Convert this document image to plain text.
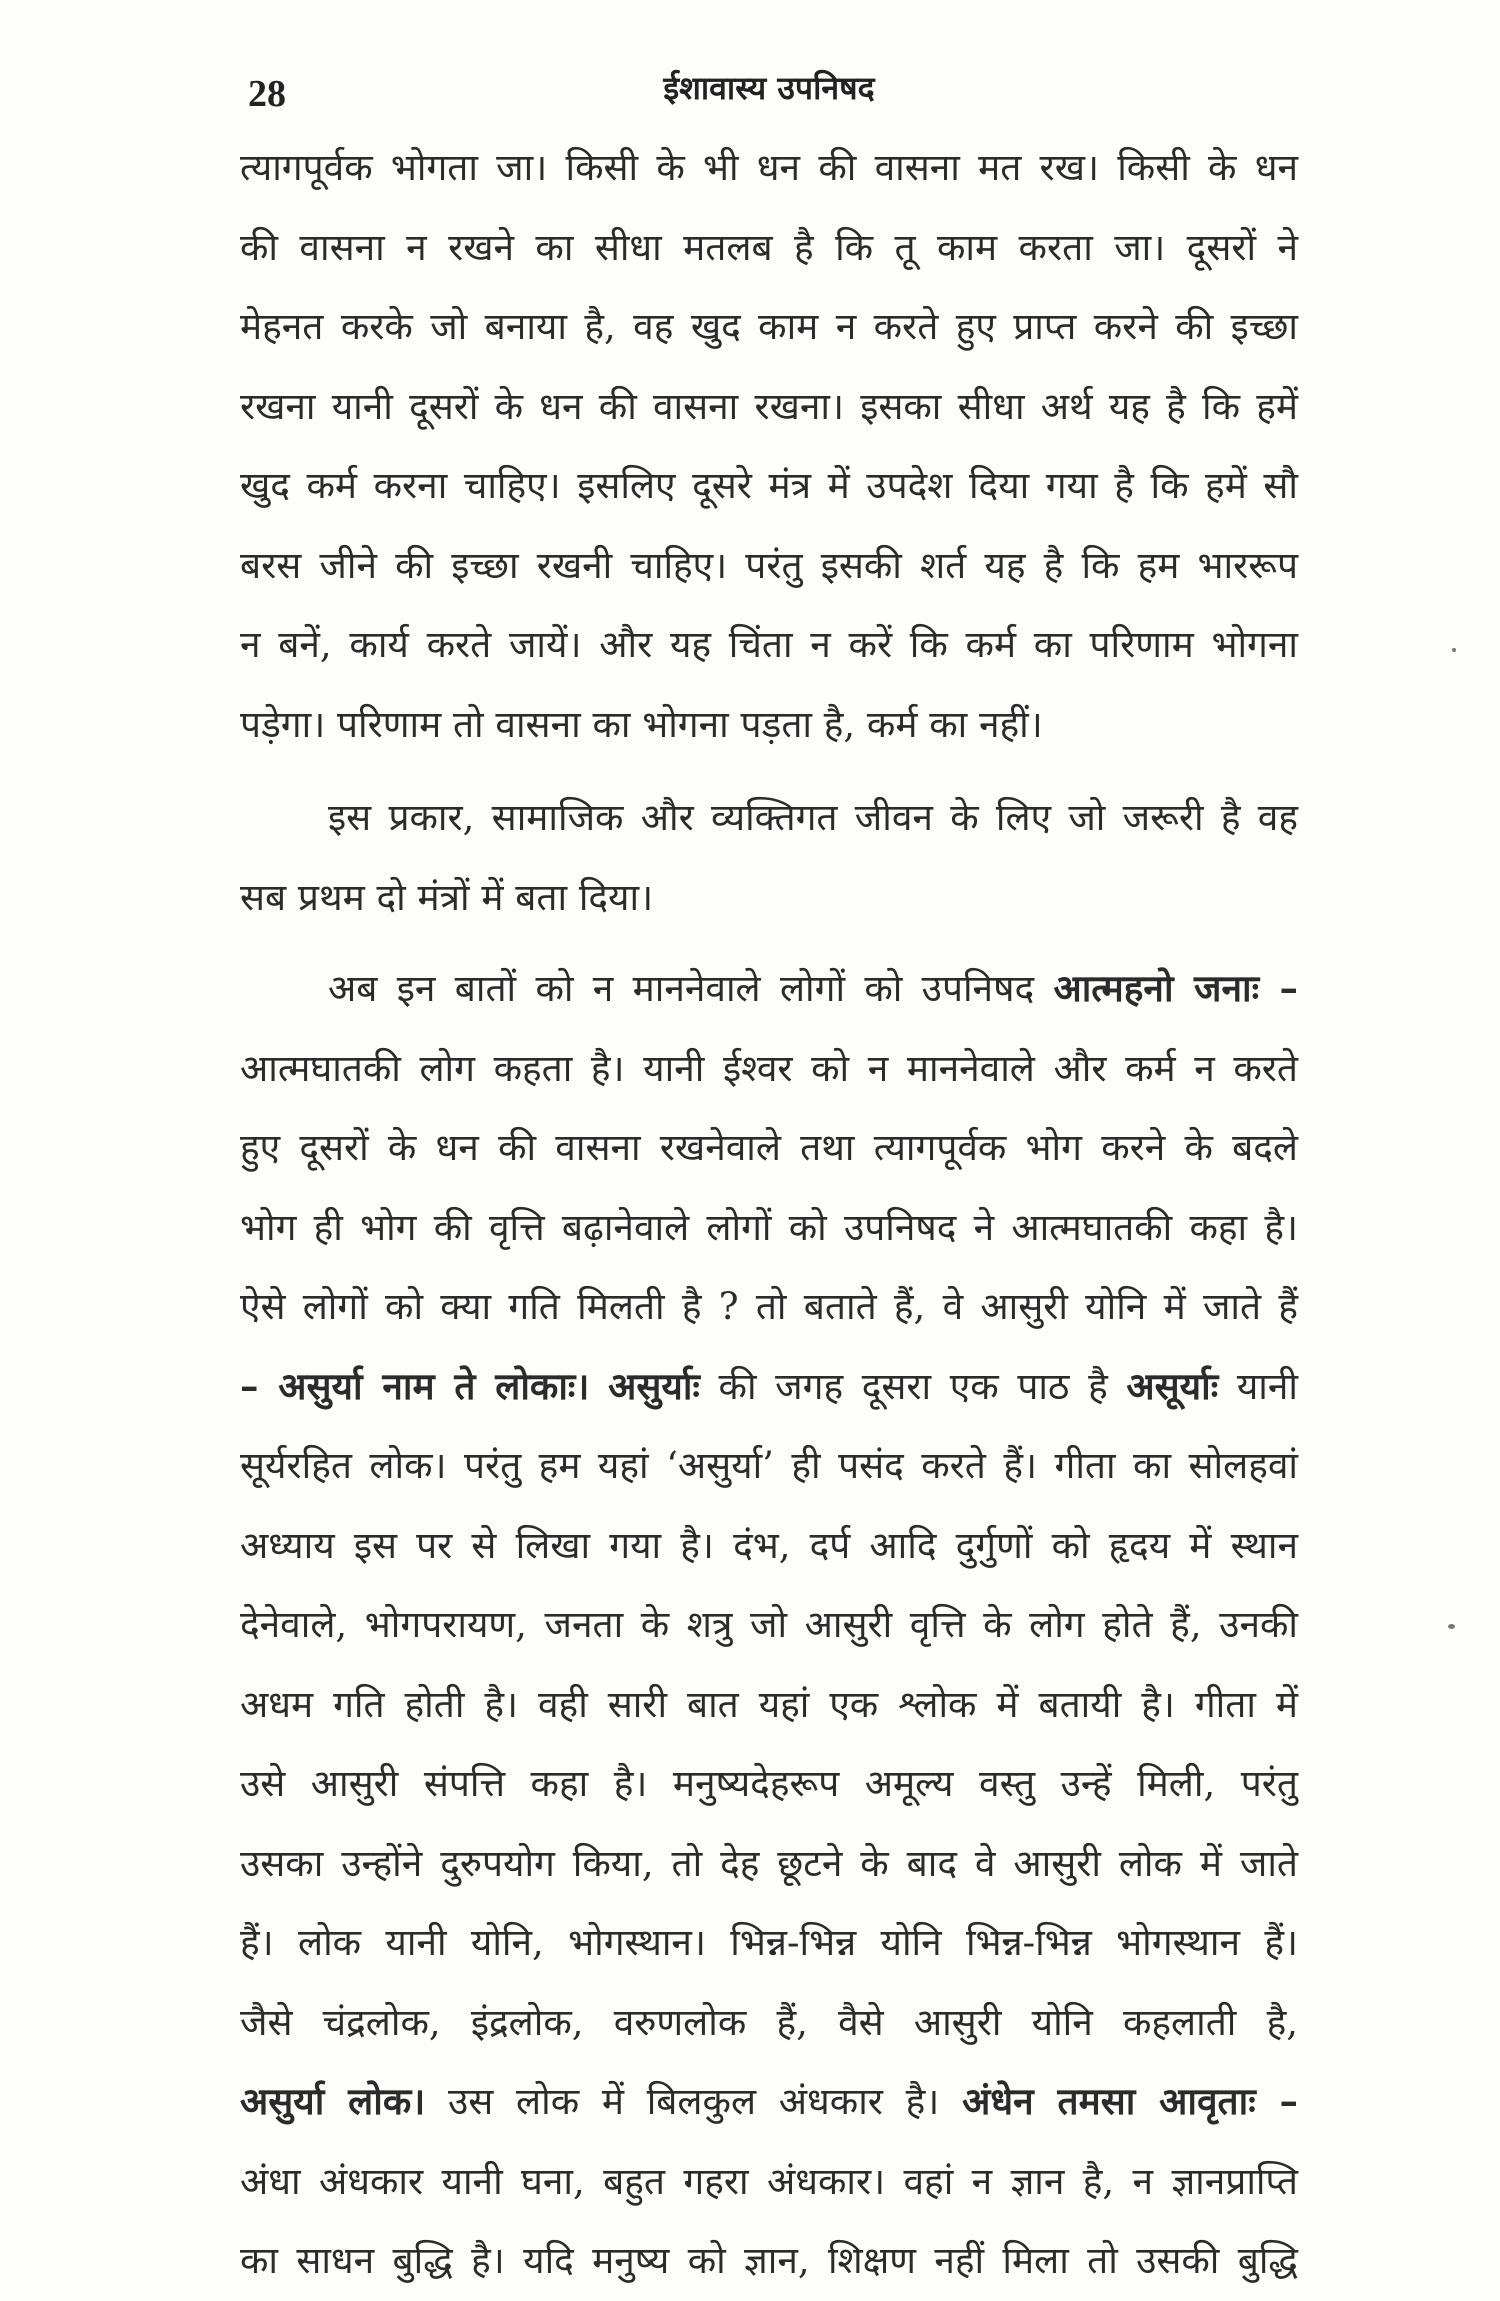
28	ईशावास्य उपनिषद
त्यागपूर्वक भोगता जा। किसी के भी धन की वासना मत रख। किसी के धन
की वासना न रखने का सीधा मतलब है कि तू काम करता जा। दूसरों ने
मेहनत करके जो बनाया है, वह खुद काम न करते हुए प्राप्त करने की इच्छा
रखना यानी दूसरों के धन की वासना रखना। इसका सीधा अर्थ यह है कि हमें
खुद कर्म करना चाहिए। इसलिए दूसरे मंत्र में उपदेश दिया गया है कि हमें सौ
बरस जीने की इच्छा रखनी चाहिए। परंतु इसकी शर्त यह है कि हम भाररूप
न बनें, कार्य करते जायें। और यह चिंता न करें कि कर्म का परिणाम भोगना
पड़ेगा। परिणाम तो वासना का भोगना पड़ता है, कर्म का नहीं।
इस प्रकार, सामाजिक और व्यक्तिगत जीवन के लिए जो जरूरी है वह
सब प्रथम दो मंत्रों में बता दिया।
अब इन बातों को न माननेवाले लोगों को उपनिषद आत्महनो जनाः –
आत्मघातकी लोग कहता है। यानी ईश्वर को न माननेवाले और कर्म न करते
हुए दूसरों के धन की वासना रखनेवाले तथा त्यागपूर्वक भोग करने के बदले
भोग ही भोग की वृत्ति बढ़ानेवाले लोगों को उपनिषद ने आत्मघातकी कहा है।
ऐसे लोगों को क्या गति मिलती है ? तो बताते हैं, वे आसुरी योनि में जाते हैं
– असुर्या नाम ते लोकाः। असुर्याः की जगह दूसरा एक पाठ है असूर्याः यानी
सूर्यरहित लोक। परंतु हम यहां ‘असुर्या’ ही पसंद करते हैं। गीता का सोलहवां
अध्याय इस पर से लिखा गया है। दंभ, दर्प आदि दुर्गुणों को हृदय में स्थान
देनेवाले, भोगपरायण, जनता के शत्रु जो आसुरी वृत्ति के लोग होते हैं, उनकी
अधम गति होती है। वही सारी बात यहां एक श्लोक में बतायी है। गीता में
उसे आसुरी संपत्ति कहा है। मनुष्यदेहरूप अमूल्य वस्तु उन्हें मिली, परंतु
उसका उन्होंने दुरुपयोग किया, तो देह छूटने के बाद वे आसुरी लोक में जाते
हैं। लोक यानी योनि, भोगस्थान। भिन्न-भिन्न योनि भिन्न-भिन्न भोगस्थान हैं।
जैसे चंद्रलोक, इंद्रलोक, वरुणलोक हैं, वैसे आसुरी योनि कहलाती है,
असुर्या लोक। उस लोक में बिलकुल अंधकार है। अंधेन तमसा आवृताः –
अंधा अंधकार यानी घना, बहुत गहरा अंधकार। वहां न ज्ञान है, न ज्ञानप्राप्ति
का साधन बुद्धि है। यदि मनुष्य को ज्ञान, शिक्षण नहीं मिला तो उसकी बुद्धि
